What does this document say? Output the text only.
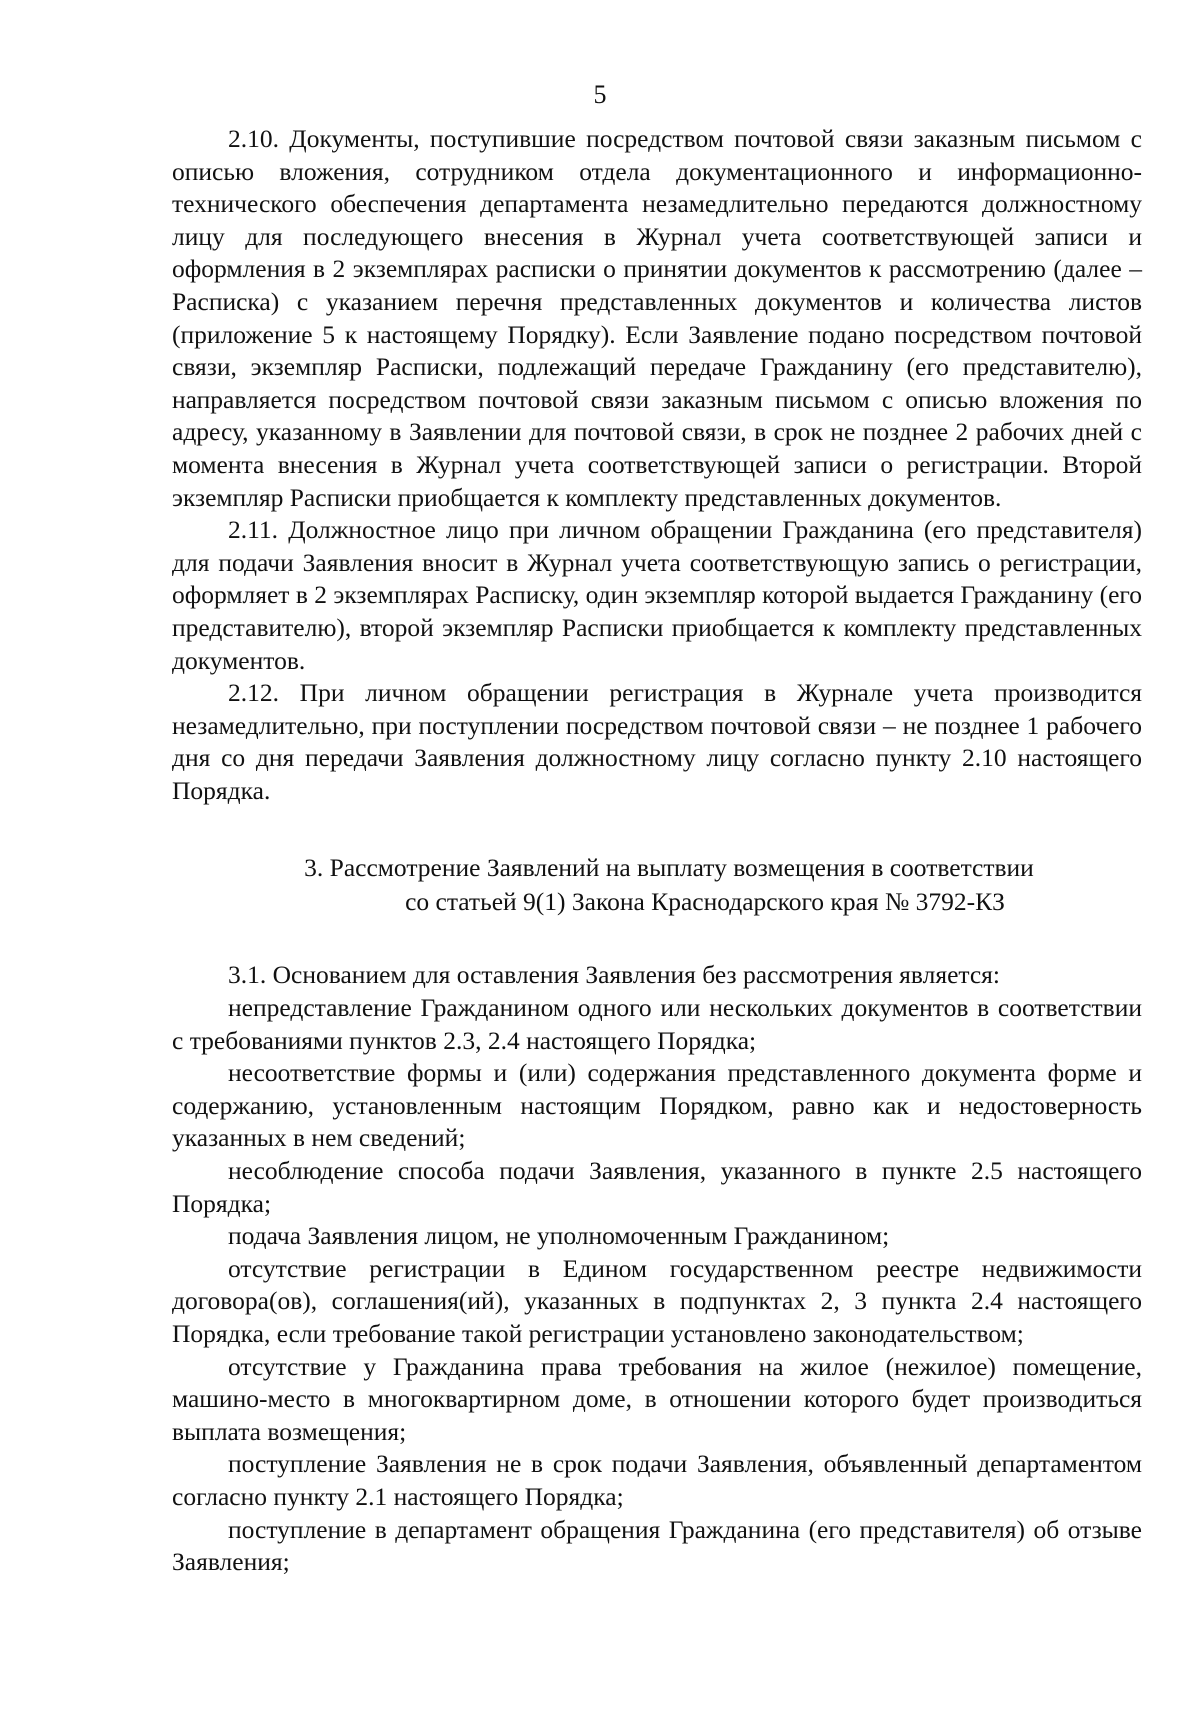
5

2.10. Документы, поступившие посредством почтовой связи заказным письмом с описью вложения, сотрудником отдела документационного и информационно-технического обеспечения департамента незамедлительно передаются должностному лицу для последующего внесения в Журнал учета соответствующей записи и оформления в 2 экземплярах расписки о принятии документов к рассмотрению (далее – Расписка) с указанием перечня представленных документов и количества листов (приложение 5 к настоящему Порядку). Если Заявление подано посредством почтовой связи, экземпляр Расписки, подлежащий передаче Гражданину (его представителю), направляется посредством почтовой связи заказным письмом с описью вложения по адресу, указанному в Заявлении для почтовой связи, в срок не позднее 2 рабочих дней с момента внесения в Журнал учета соответствующей записи о регистрации. Второй экземпляр Расписки приобщается к комплекту представленных документов.

2.11. Должностное лицо при личном обращении Гражданина (его представителя) для подачи Заявления вносит в Журнал учета соответствующую запись о регистрации, оформляет в 2 экземплярах Расписку, один экземпляр которой выдается Гражданину (его представителю), второй экземпляр Расписки приобщается к комплекту представленных документов.

2.12. При личном обращении регистрация в Журнале учета производится незамедлительно, при поступлении посредством почтовой связи – не позднее 1 рабочего дня со дня передачи Заявления должностному лицу согласно пункту 2.10 настоящего Порядка.

3. Рассмотрение Заявлений на выплату возмещения в соответствии
со статьей 9(1) Закона Краснодарского края № 3792-КЗ

3.1. Основанием для оставления Заявления без рассмотрения является:

непредставление Гражданином одного или нескольких документов в соответствии с требованиями пунктов 2.3, 2.4 настоящего Порядка;

несоответствие формы и (или) содержания представленного документа форме и содержанию, установленным настоящим Порядком, равно как и недостоверность указанных в нем сведений;

несоблюдение способа подачи Заявления, указанного в пункте 2.5 настоящего Порядка;

подача Заявления лицом, не уполномоченным Гражданином;

отсутствие регистрации в Едином государственном реестре недвижимости договора(ов), соглашения(ий), указанных в подпунктах 2, 3 пункта 2.4 настоящего Порядка, если требование такой регистрации установлено законодательством;

отсутствие у Гражданина права требования на жилое (нежилое) помещение, машино-место в многоквартирном доме, в отношении которого будет производиться выплата возмещения;

поступление Заявления не в срок подачи Заявления, объявленный департаментом согласно пункту 2.1 настоящего Порядка;

поступление в департамент обращения Гражданина (его представителя) об отзыве Заявления;
